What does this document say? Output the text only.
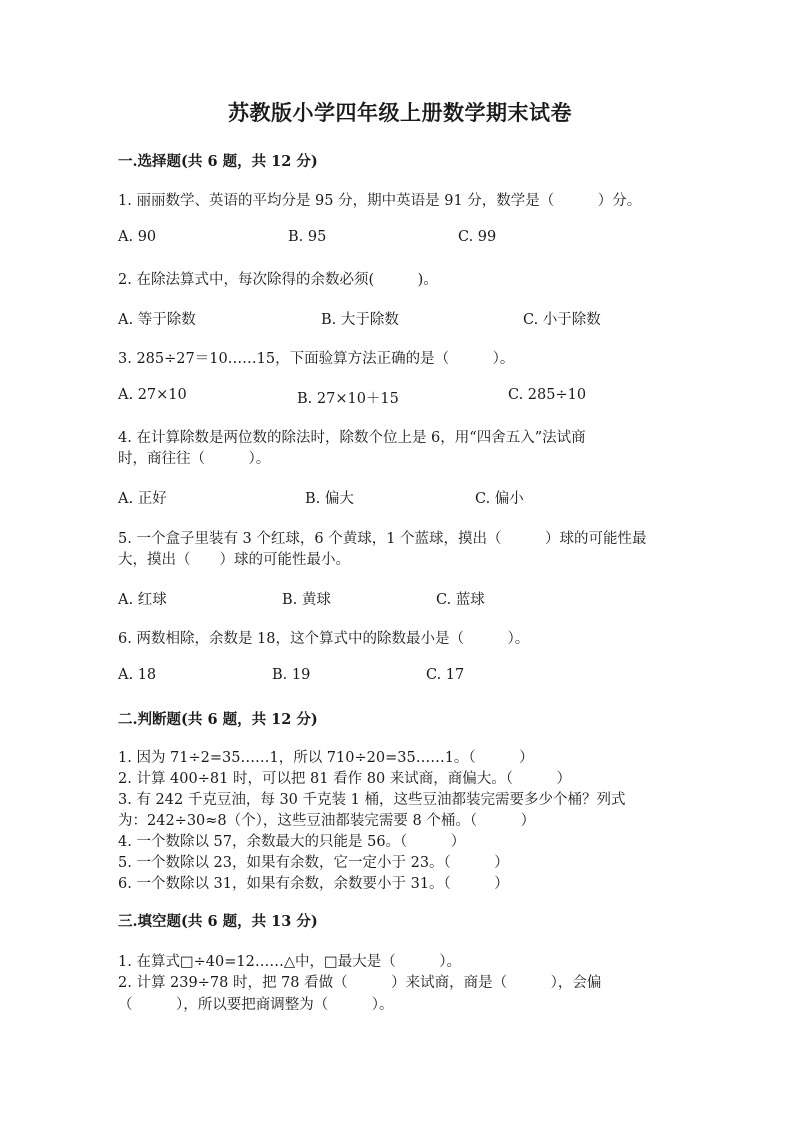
苏教版小学四年级上册数学期末试卷
一.选择题(共 6 题，共 12 分)
1. 丽丽数学、英语的平均分是 95 分，期中英语是 91 分，数学是（　　　）分。
A. 90	B. 95	C. 99
2. 在除法算式中，每次除得的余数必须(　　　)。
A. 等于除数	B. 大于除数	C. 小于除数
3. 285÷27＝10……15，下面验算方法正确的是（　　　）。
A. 27×10	B. 27×10＋15	C. 285÷10
4. 在计算除数是两位数的除法时，除数个位上是 6，用“四舍五入”法试商
时，商往往（　　　）。
A. 正好	B. 偏大	C. 偏小
5. 一个盒子里装有 3 个红球，6 个黄球，1 个蓝球，摸出（　　　）球的可能性最
大，摸出（　　）球的可能性最小。
A. 红球	B. 黄球	C. 蓝球
6. 两数相除，余数是 18，这个算式中的除数最小是（　　　）。
A. 18	B. 19	C. 17
二.判断题(共 6 题，共 12 分)
1. 因为 71÷2=35……1，所以 710÷20=35……1。（　　　）
2. 计算 400÷81 时，可以把 81 看作 80 来试商，商偏大。（　　　）
3. 有 242 千克豆油，每 30 千克装 1 桶，这些豆油都装完需要多少个桶？列式
为：242÷30≈8（个），这些豆油都装完需要 8 个桶。（　　　）
4. 一个数除以 57，余数最大的只能是 56。（　　　）
5. 一个数除以 23，如果有余数，它一定小于 23。（　　　）
6. 一个数除以 31，如果有余数，余数要小于 31。（　　　）
三.填空题(共 6 题，共 13 分)
1. 在算式□÷40=12……△中，□最大是（　　　）。
2. 计算 239÷78 时，把 78 看做（　　　）来试商，商是（　　　），会偏
（　　　），所以要把商调整为（　　　）。
